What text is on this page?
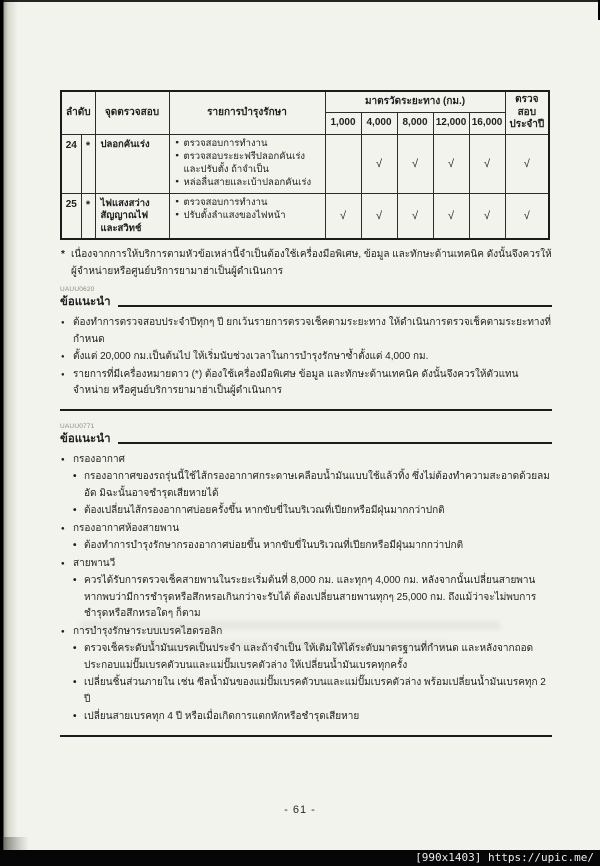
ลำดับ		จุดตรวจสอบ	รายการบำรุงรักษา	มาตรวัดระยะทาง (กม.)					ตรวจสอบ
ประจำปี

				1,000	4,000	8,000	12,000	16,000	
24	*	ปลอกคันเร่ง	• ตรวจสอบการทำงาน
• ตรวจสอบระยะฟรีปลอกคันเร่ง และปรับตั้ง ถ้าจำเป็น
• หล่อลื่นสายและเบ้าปลอกคันเร่ง		√	√	√	√	√
25	*	ไฟแสงสว่าง สัญญาณไฟ และสวิทช์	• ตรวจสอบการทำงาน
• ปรับตั้งลำแสงของไฟหน้า	√	√	√	√	√	√

* เนื่องจากการให้บริการตามหัวข้อเหล่านี้จำเป็นต้องใช้เครื่องมือพิเศษ, ข้อมูล และทักษะด้านเทคนิค ดังนั้นจึงควรให้ผู้จำหน่ายหรือศูนย์บริการยามาฮ่าเป็นผู้ดำเนินการ

UAUU0620
ข้อแนะนำ
● ต้องทำการตรวจสอบประจำปีทุกๆ ปี ยกเว้นรายการตรวจเช็คตามระยะทาง ให้ดำเนินการตรวจเช็คตามระยะทางที่กำหนด
● ตั้งแต่ 20,000 กม.เป็นต้นไป ให้เริ่มนับช่วงเวลาในการบำรุงรักษาซ้ำตั้งแต่ 4,000 กม.
● รายการที่มีเครื่องหมายดาว (*) ต้องใช้เครื่องมือพิเศษ ข้อมูล และทักษะด้านเทคนิค ดังนั้นจึงควรให้ตัวแทนจำหน่าย หรือศูนย์บริการยามาฮ่าเป็นผู้ดำเนินการ
UAUU0771
ข้อแนะนำ
● ● กรองอากาศ
• กรองอากาศของรถรุ่นนี้ใช้ไส้กรองอากาศกระดาษเคลือบน้ำมันแบบใช้แล้วทิ้ง ซึ่งไม่ต้องทำความสะอาดด้วยลมอัด มิฉะนั้นอาจชำรุดเสียหายได้
• ต้องเปลี่ยนไส้กรองอากาศบ่อยครั้งขึ้น หากขับขี่ในบริเวณที่เปียกหรือมีฝุ่นมากกว่าปกติ
● ● กรองอากาศห้องสายพาน
• ต้องทำการบำรุงรักษากรองอากาศบ่อยขึ้น หากขับขี่ในบริเวณที่เปียกหรือมีฝุ่นมากกว่าปกติ
● ● สายพานวี
• ควรได้รับการตรวจเช็คสายพานในระยะเริ่มต้นที่ 8,000 กม. และทุกๆ 4,000 กม. หลังจากนั้นเปลี่ยนสายพานหากพบว่ามีการชำรุดหรือสึกหรอเกินกว่าจะรับได้ ต้องเปลี่ยนสายพานทุกๆ 25,000 กม. ถึงแม้ว่าจะไม่พบการชำรุดหรือสึกหรอใดๆ ก็ตาม
● ● การบำรุงรักษาระบบเบรคไฮดรอลิก
• ตรวจเช็คระดับน้ำมันเบรคเป็นประจำ และถ้าจำเป็น ให้เติมให้ได้ระดับมาตรฐานที่กำหนด และหลังจากถอดประกอบแม่ปั๊มเบรคตัวบนและแม่ปั๊มเบรคตัวล่าง ให้เปลี่ยนน้ำมันเบรคทุกครั้ง
• เปลี่ยนชิ้นส่วนภายใน เช่น ซีลน้ำมันของแม่ปั๊มเบรคตัวบนและแม่ปั๊มเบรคตัวล่าง พร้อมเปลี่ยนน้ำมันเบรคทุก 2 ปี
• เปลี่ยนสายเบรคทุก 4 ปี หรือเมื่อเกิดการแตกหักหรือชำรุดเสียหาย
- 61 -
[990x1403] https://upic.me/
